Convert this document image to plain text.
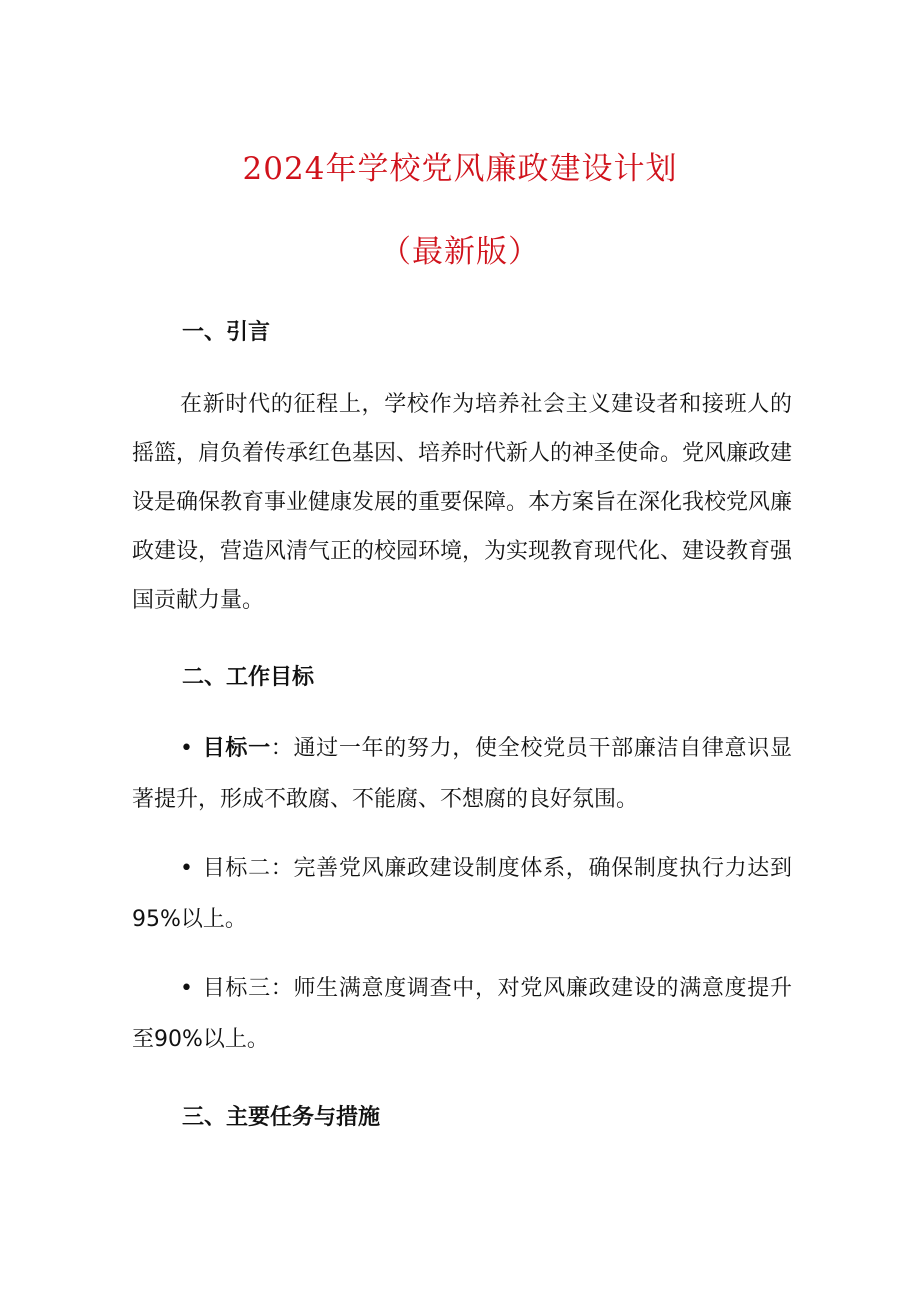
2024年学校党风廉政建设计划
（最新版）
一、引言

在新时代的征程上，学校作为培养社会主义建设者和接班人的摇篮，肩负着传承红色基因、培养时代新人的神圣使命。党风廉政建设是确保教育事业健康发展的重要保障。本方案旨在深化我校党风廉政建设，营造风清气正的校园环境，为实现教育现代化、建设教育强国贡献力量。

二、工作目标

• 目标一：通过一年的努力，使全校党员干部廉洁自律意识显著提升，形成不敢腐、不能腐、不想腐的良好氛围。

• 目标二：完善党风廉政建设制度体系，确保制度执行力达到95%以上。

• 目标三：师生满意度调查中，对党风廉政建设的满意度提升至90%以上。

三、主要任务与措施
